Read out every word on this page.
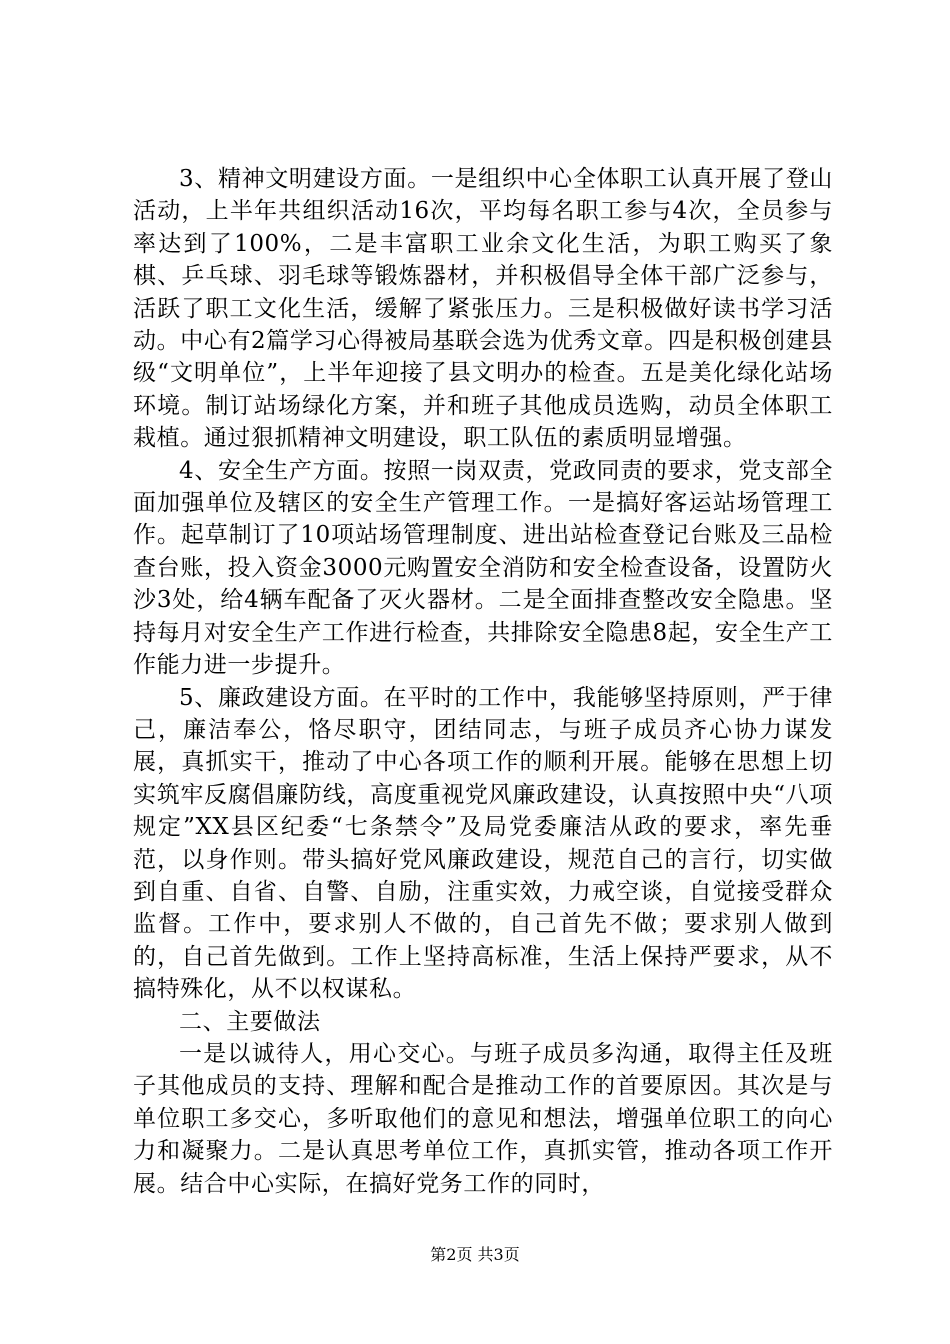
3、精神文明建设方面。一是组织中心全体职工认真开展了登山活动，上半年共组织活动16次，平均每名职工参与4次，全员参与率达到了100%，二是丰富职工业余文化生活，为职工购买了象棋、乒乓球、羽毛球等锻炼器材，并积极倡导全体干部广泛参与，活跃了职工文化生活，缓解了紧张压力。三是积极做好读书学习活动。中心有2篇学习心得被局基联会选为优秀文章。四是积极创建县级“文明单位”，上半年迎接了县文明办的检查。五是美化绿化站场环境。制订站场绿化方案，并和班子其他成员选购，动员全体职工栽植。通过狠抓精神文明建设，职工队伍的素质明显增强。

4、安全生产方面。按照一岗双责，党政同责的要求，党支部全面加强单位及辖区的安全生产管理工作。一是搞好客运站场管理工作。起草制订了10项站场管理制度、进出站检查登记台账及三品检查台账，投入资金3000元购置安全消防和安全检查设备，设置防火沙3处，给4辆车配备了灭火器材。二是全面排查整改安全隐患。坚持每月对安全生产工作进行检查，共排除安全隐患8起，安全生产工作能力进一步提升。

5、廉政建设方面。在平时的工作中，我能够坚持原则，严于律己，廉洁奉公，恪尽职守，团结同志，与班子成员齐心协力谋发展，真抓实干，推动了中心各项工作的顺利开展。能够在思想上切实筑牢反腐倡廉防线，高度重视党风廉政建设，认真按照中央“八项规定”XX县区纪委“七条禁令”及局党委廉洁从政的要求，率先垂范，以身作则。带头搞好党风廉政建设，规范自己的言行，切实做到自重、自省、自警、自励，注重实效，力戒空谈，自觉接受群众监督。工作中，要求别人不做的，自己首先不做；要求别人做到的，自己首先做到。工作上坚持高标准，生活上保持严要求，从不搞特殊化，从不以权谋私。

二、主要做法

一是以诚待人，用心交心。与班子成员多沟通，取得主任及班子其他成员的支持、理解和配合是推动工作的首要原因。其次是与单位职工多交心，多听取他们的意见和想法，增强单位职工的向心力和凝聚力。二是认真思考单位工作，真抓实管，推动各项工作开展。结合中心实际，在搞好党务工作的同时，

第2页 共3页
